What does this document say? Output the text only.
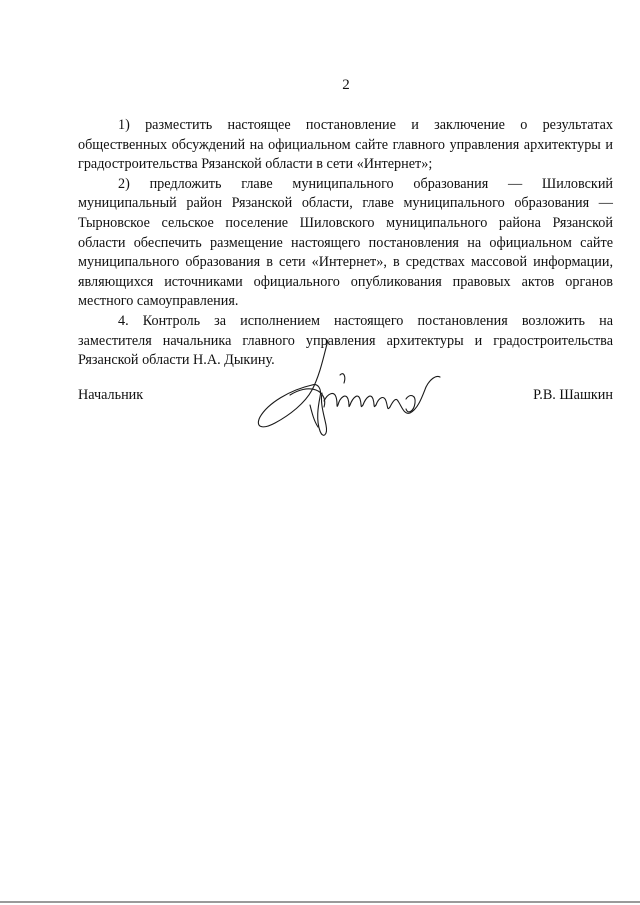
2

1) разместить настоящее постановление и заключение о результатах общественных обсуждений на официальном сайте главного управления архитектуры и градостроительства Рязанской области в сети «Интернет»;

2) предложить главе муниципального образования — Шиловский муниципальный район Рязанской области, главе муниципального образования — Тырновское сельское поселение Шиловского муниципального района Рязанской области обеспечить размещение настоящего постановления на официальном сайте муниципального образования в сети «Интернет», в средствах массовой информации, являющихся источниками официального опубликования правовых актов органов местного самоуправления.

4. Контроль за исполнением настоящего постановления возложить на заместителя начальника главного управления архитектуры и градостроительства Рязанской области Н.А. Дыкину.

Начальник	Р.В. Шашкин
